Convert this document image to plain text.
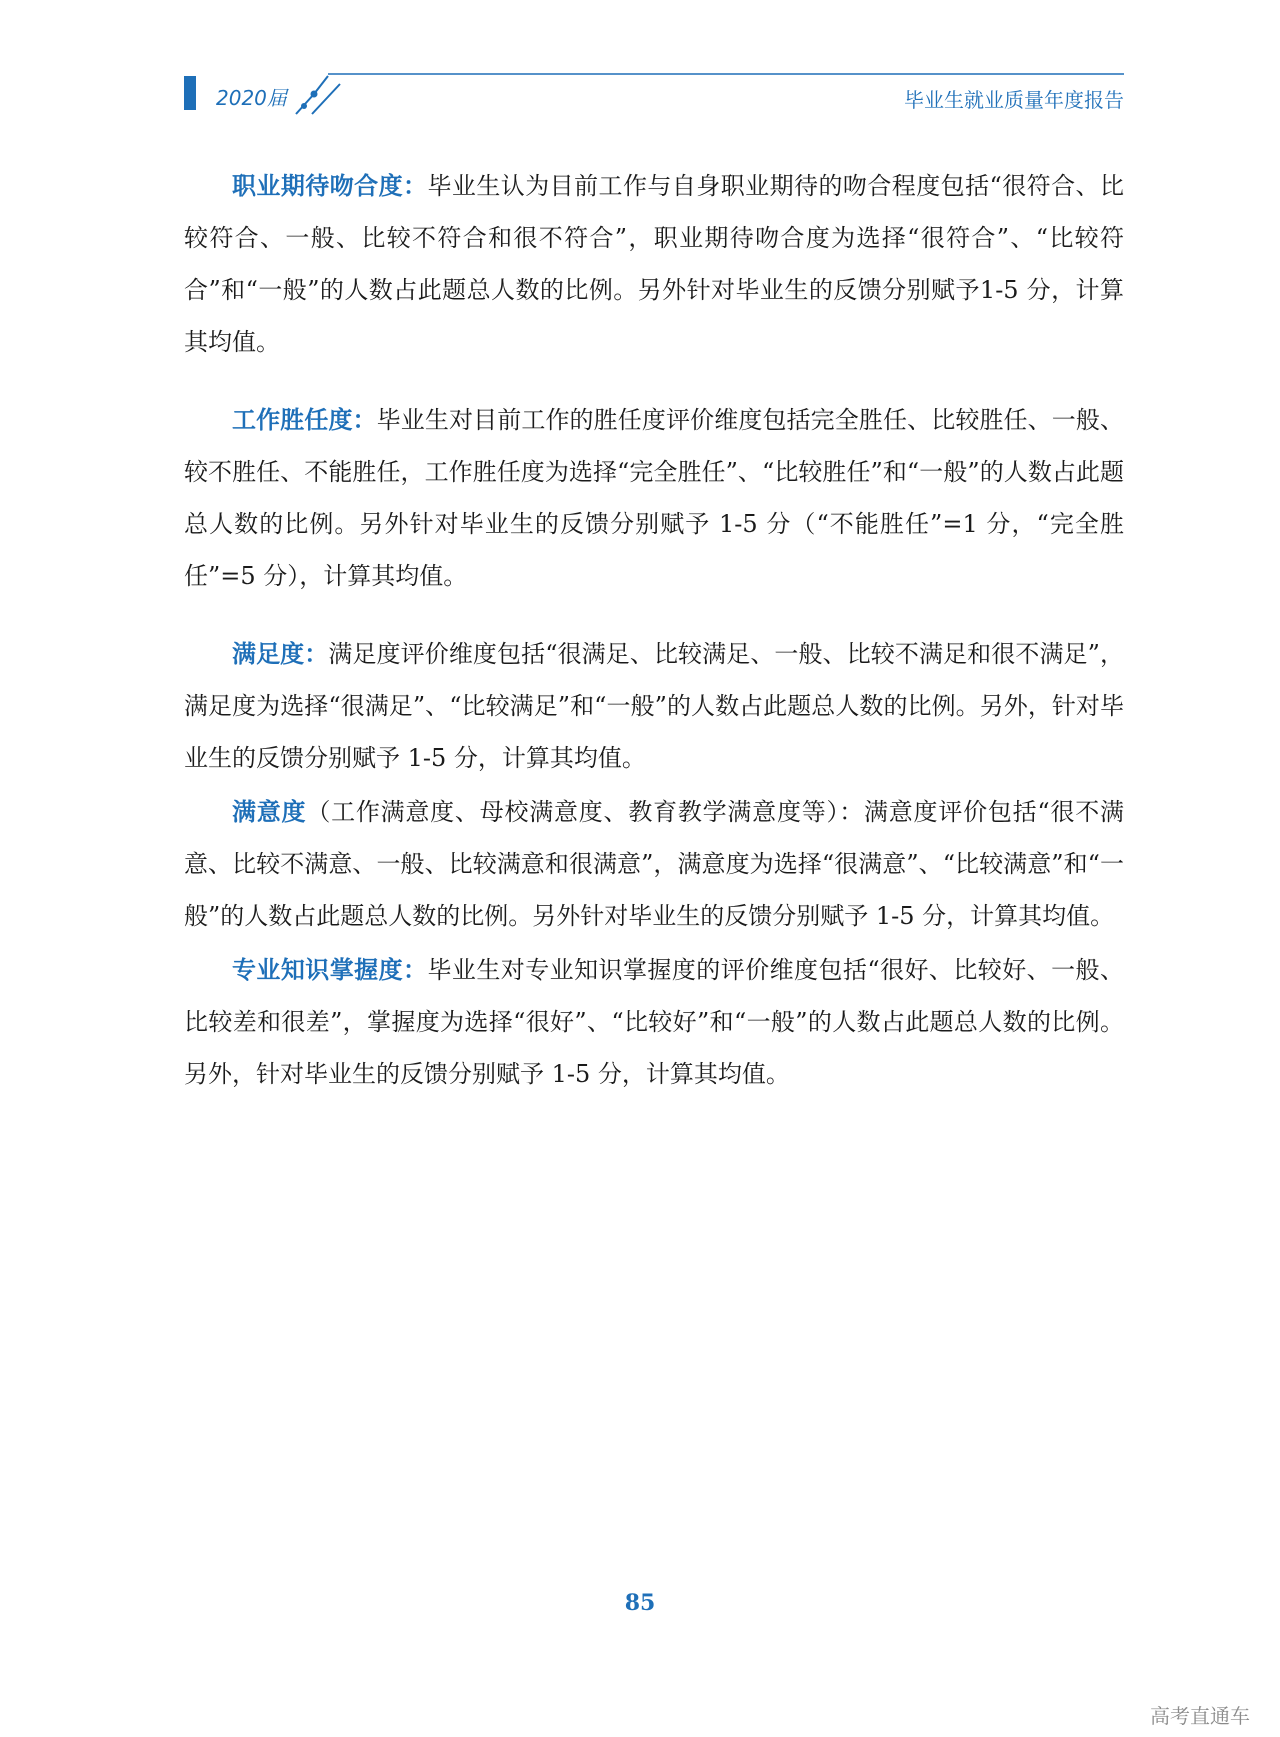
2020届	毕业生就业质量年度报告

职业期待吻合度：毕业生认为目前工作与自身职业期待的吻合程度包括“很符合、比较符合、一般、比较不符合和很不符合”，职业期待吻合度为选择“很符合”、“比较符合”和“一般”的人数占此题总人数的比例。另外针对毕业生的反馈分别赋予1-5 分，计算其均值。

工作胜任度：毕业生对目前工作的胜任度评价维度包括完全胜任、比较胜任、一般、较不胜任、不能胜任，工作胜任度为选择“完全胜任”、“比较胜任”和“一般”的人数占此题总人数的比例。另外针对毕业生的反馈分别赋予 1-5 分（“不能胜任”=1 分，“完全胜任”=5 分），计算其均值。

满足度：满足度评价维度包括“很满足、比较满足、一般、比较不满足和很不满足”，满足度为选择“很满足”、“比较满足”和“一般”的人数占此题总人数的比例。另外，针对毕业生的反馈分别赋予 1-5 分，计算其均值。

满意度（工作满意度、母校满意度、教育教学满意度等）：满意度评价包括“很不满意、比较不满意、一般、比较满意和很满意”，满意度为选择“很满意”、“比较满意”和“一般”的人数占此题总人数的比例。另外针对毕业生的反馈分别赋予 1-5 分，计算其均值。

专业知识掌握度：毕业生对专业知识掌握度的评价维度包括“很好、比较好、一般、比较差和很差”，掌握度为选择“很好”、“比较好”和“一般”的人数占此题总人数的比例。另外，针对毕业生的反馈分别赋予 1-5 分，计算其均值。

85
高考直通车
